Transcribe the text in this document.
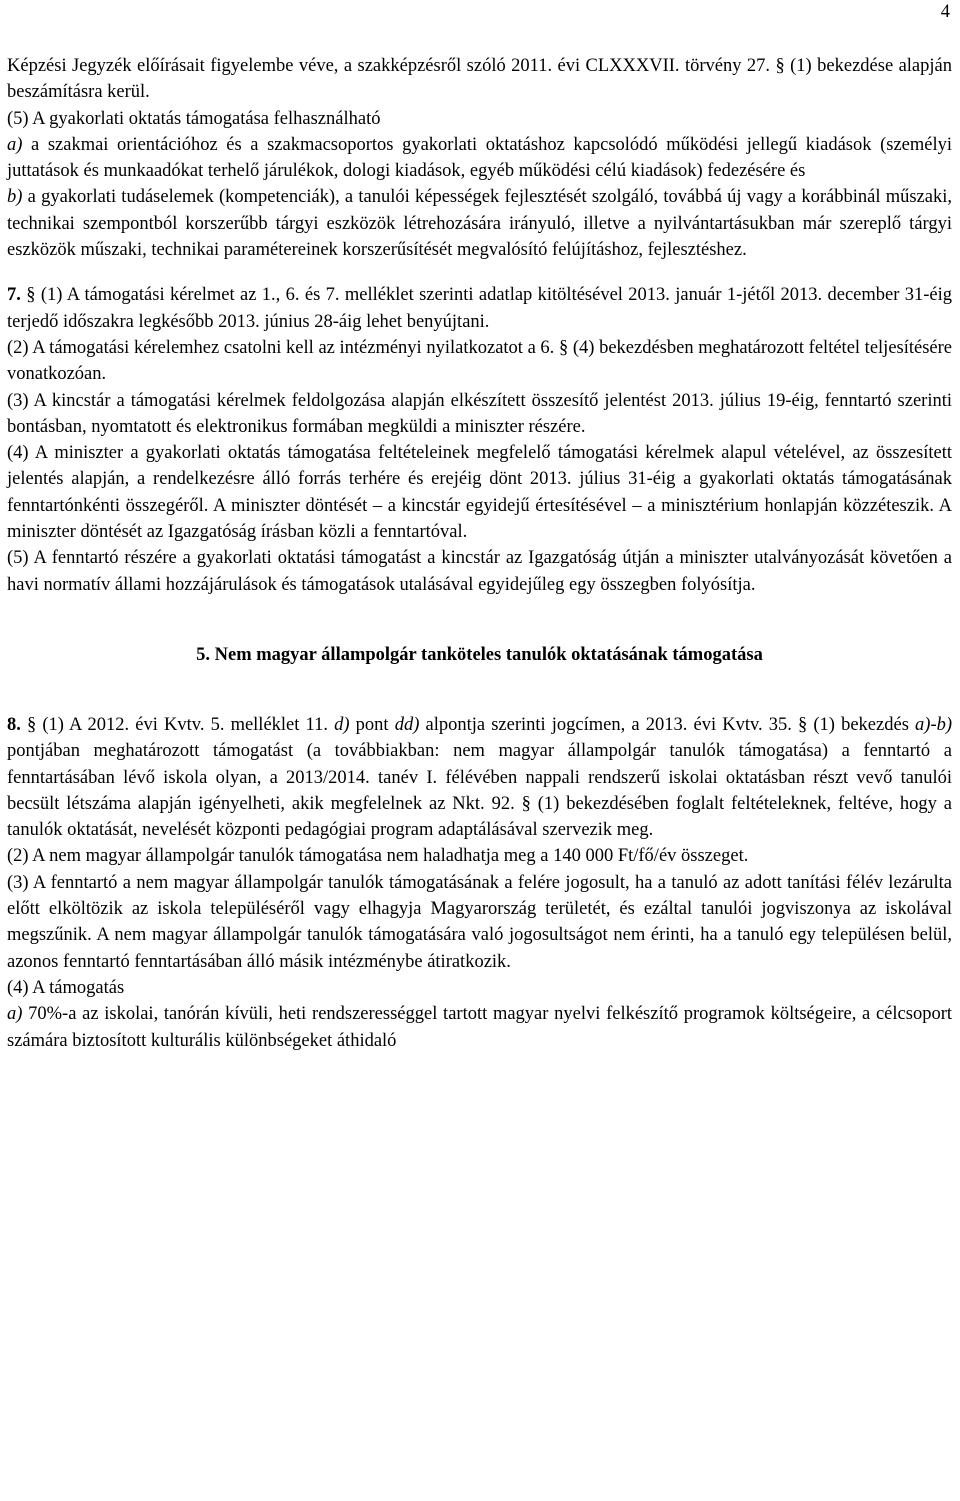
4

Képzési Jegyzék előírásait figyelembe véve, a szakképzésről szóló 2011. évi CLXXXVII. törvény 27. § (1) bekezdése alapján beszámításra kerül.

(5) A gyakorlati oktatás támogatása felhasználható

a) a szakmai orientációhoz és a szakmacsoportos gyakorlati oktatáshoz kapcsolódó működési jellegű kiadások (személyi juttatások és munkaadókat terhelő járulékok, dologi kiadások, egyéb működési célú kiadások) fedezésére és

b) a gyakorlati tudáselemek (kompetenciák), a tanulói képességek fejlesztését szolgáló, továbbá új vagy a korábbinál műszaki, technikai szempontból korszerűbb tárgyi eszközök létrehozására irányuló, illetve a nyilvántartásukban már szereplő tárgyi eszközök műszaki, technikai paramétereinek korszerűsítését megvalósító felújításhoz, fejlesztéshez.

7. § (1) A támogatási kérelmet az 1., 6. és 7. melléklet szerinti adatlap kitöltésével 2013. január 1-jétől 2013. december 31-éig terjedő időszakra legkésőbb 2013. június 28-áig lehet benyújtani.

(2) A támogatási kérelemhez csatolni kell az intézményi nyilatkozatot a 6. § (4) bekezdésben meghatározott feltétel teljesítésére vonatkozóan.

(3) A kincstár a támogatási kérelmek feldolgozása alapján elkészített összesítő jelentést 2013. július 19-éig, fenntartó szerinti bontásban, nyomtatott és elektronikus formában megküldi a miniszter részére.

(4) A miniszter a gyakorlati oktatás támogatása feltételeinek megfelelő támogatási kérelmek alapul vételével, az összesített jelentés alapján, a rendelkezésre álló forrás terhére és erejéig dönt 2013. július 31-éig a gyakorlati oktatás támogatásának fenntartónkénti összegéről. A miniszter döntését – a kincstár egyidejű értesítésével – a minisztérium honlapján közzéteszik. A miniszter döntését az Igazgatóság írásban közli a fenntartóval.

(5) A fenntartó részére a gyakorlati oktatási támogatást a kincstár az Igazgatóság útján a miniszter utalványozását követően a havi normatív állami hozzájárulások és támogatások utalásával egyidejűleg egy összegben folyósítja.

5. Nem magyar állampolgár tanköteles tanulók oktatásának támogatása

8. § (1) A 2012. évi Kvtv. 5. melléklet 11. d) pont dd) alpontja szerinti jogcímen, a 2013. évi Kvtv. 35. § (1) bekezdés a)-b) pontjában meghatározott támogatást (a továbbiakban: nem magyar állampolgár tanulók támogatása) a fenntartó a fenntartásában lévő iskola olyan, a 2013/2014. tanév I. félévében nappali rendszerű iskolai oktatásban részt vevő tanulói becsült létszáma alapján igényelheti, akik megfelelnek az Nkt. 92. § (1) bekezdésében foglalt feltételeknek, feltéve, hogy a tanulók oktatását, nevelését központi pedagógiai program adaptálásával szervezik meg.

(2) A nem magyar állampolgár tanulók támogatása nem haladhatja meg a 140 000 Ft/fő/év összeget.

(3) A fenntartó a nem magyar állampolgár tanulók támogatásának a felére jogosult, ha a tanuló az adott tanítási félév lezárulta előtt elköltözik az iskola településéről vagy elhagyja Magyarország területét, és ezáltal tanulói jogviszonya az iskolával megszűnik. A nem magyar állampolgár tanulók támogatására való jogosultságot nem érinti, ha a tanuló egy településen belül, azonos fenntartó fenntartásában álló másik intézménybe átiratkozik.

(4) A támogatás

a) 70%-a az iskolai, tanórán kívüli, heti rendszerességgel tartott magyar nyelvi felkészítő programok költségeire, a célcsoport számára biztosított kulturális különbségeket áthidaló
